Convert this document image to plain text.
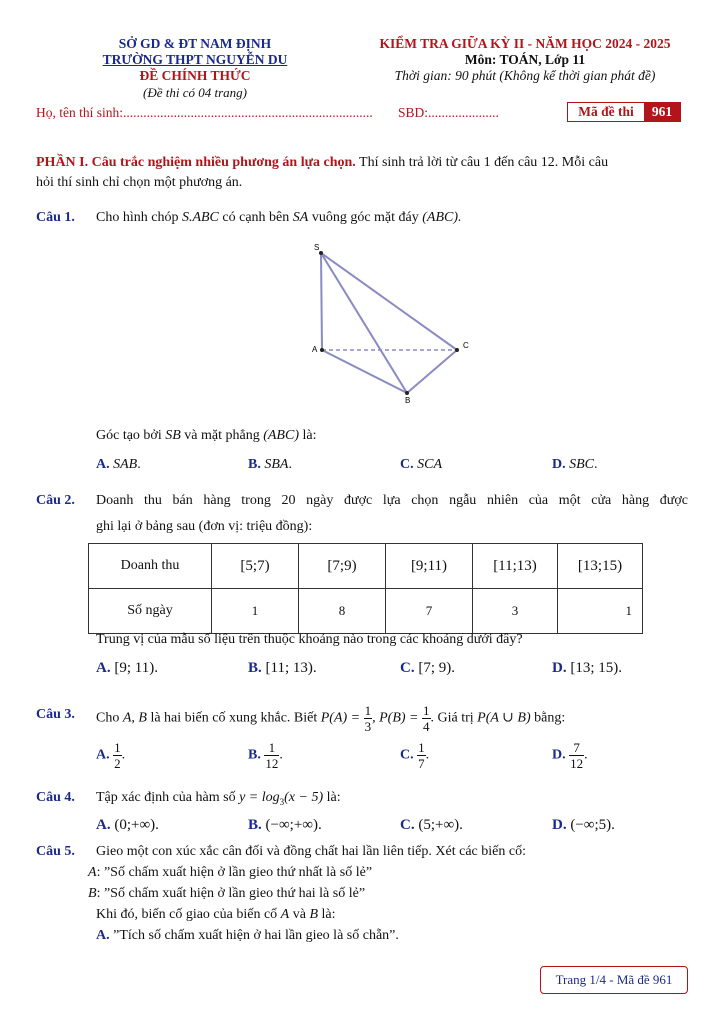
SỞ GD & ĐT NAM ĐỊNH
TRƯỜNG THPT NGUYỄN DU
ĐỀ CHÍNH THỨC
(Đề thi có 04 trang)
KIỂM TRA GIỮA KỲ II - NĂM HỌC 2024 - 2025
Môn: TOÁN, Lớp 11
Thời gian: 90 phút (Không kể thời gian phát đề)
Họ, tên thí sinh:.......................................................................... SBD:.....................	Mã đề thi	961
PHẦN I. Câu trắc nghiệm nhiều phương án lựa chọn. Thí sinh trả lời từ câu 1 đến câu 12. Mỗi câu
hỏi thí sinh chỉ chọn một phương án.
Câu 1. Cho hình chóp S.ABC có cạnh bên SA vuông góc mặt đáy (ABC).
S
A
B
C
Góc tạo bởi SB và mặt phẳng (ABC) là:
A. SAB.	B. SBA.	C. SCA	D. SBC.
Câu 2. Doanh thu bán hàng trong 20 ngày được lựa chọn ngẫu nhiên của một cửa hàng được
ghi lại ở bảng sau (đơn vị: triệu đồng):
Doanh thu	[5;7)	[7;9)	[9;11)	[11;13)	[13;15)
Số ngày	1	8	7	3	1
Trung vị của mẫu số liệu trên thuộc khoảng nào trong các khoảng dưới đây?
A. [9; 11).	B. [11; 13).	C. [7; 9).	D. [13; 15).
Câu 3. Cho A, B là hai biến cố xung khắc. Biết $P(A) = \frac{1}{3}$ , $P(B) = \frac{1}{4}$ . Giá trị P(A ∪ B) bằng:
A. $\frac{1}{2}$ .	B. $\frac{1}{12}$ .	C. $\frac{1}{7}$ .	D. $\frac{7}{12}$ .
Câu 4. Tập xác định của hàm số $y = \log_3(x - 5)$ là:
A. (0;+∞).	B. (−∞;+∞).	C. (5;+∞).	D. (−∞;5).
Câu 5. Gieo một con xúc xắc cân đối và đồng chất hai lần liên tiếp. Xét các biến cố:
A: ”Số chấm xuất hiện ở lần gieo thứ nhất là số lẻ”
B: ”Số chấm xuất hiện ở lần gieo thứ hai là số lẻ”
Khi đó, biến cố giao của biến cố A và B là:
A. ”Tích số chấm xuất hiện ở hai lần gieo là số chẵn”.
Trang 1/4 - Mã đề 961
